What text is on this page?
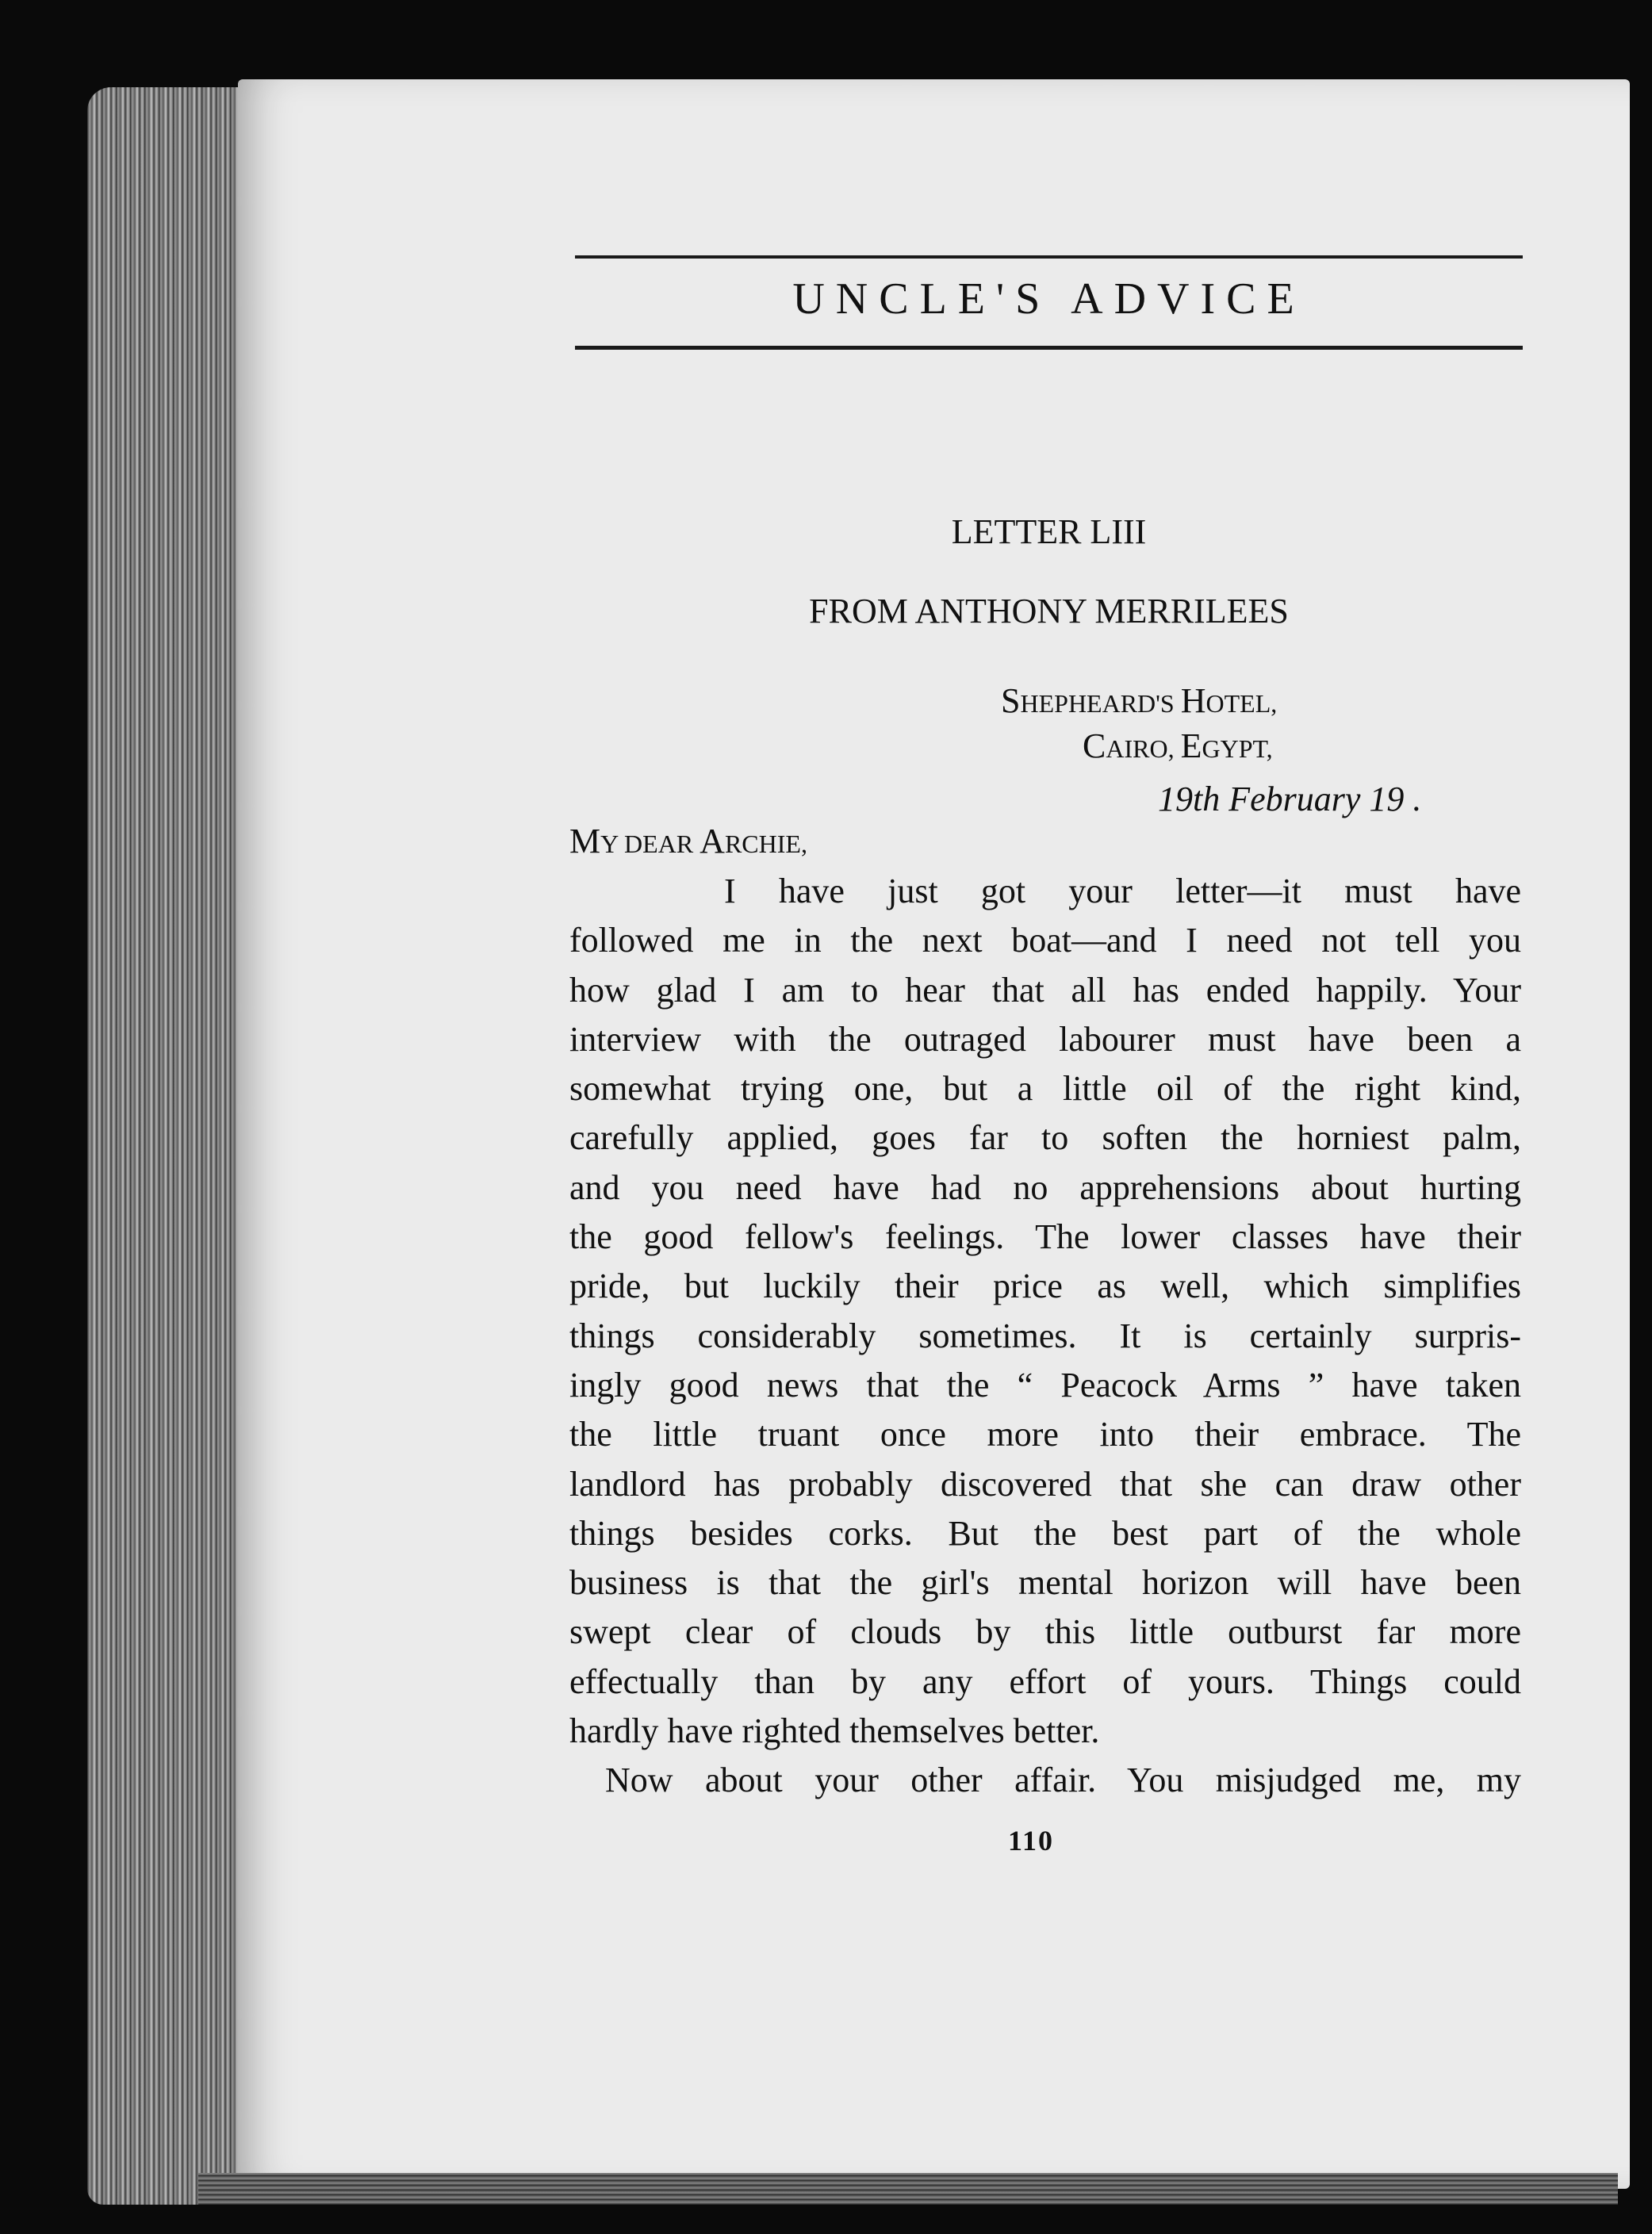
UNCLE'S ADVICE
LETTER LIII
FROM ANTHONY MERRILEES
SHEPHEARD'S HOTEL,
CAIRO, EGYPT,
19th February 19 .
MY DEAR ARCHIE,
I have just got your letter—it must have
followed me in the next boat—and I need not tell you
how glad I am to hear that all has ended happily. Your
interview with the outraged labourer must have been a
somewhat trying one, but a little oil of the right kind,
carefully applied, goes far to soften the horniest palm,
and you need have had no apprehensions about hurting
the good fellow's feelings. The lower classes have their
pride, but luckily their price as well, which simplifies
things considerably sometimes. It is certainly surpris-
ingly good news that the “ Peacock Arms ” have taken
the little truant once more into their embrace. The
landlord has probably discovered that she can draw other
things besides corks. But the best part of the whole
business is that the girl's mental horizon will have been
swept clear of clouds by this little outburst far more
effectually than by any effort of yours. Things could
hardly have righted themselves better.
Now about your other affair. You misjudged me, my
110
